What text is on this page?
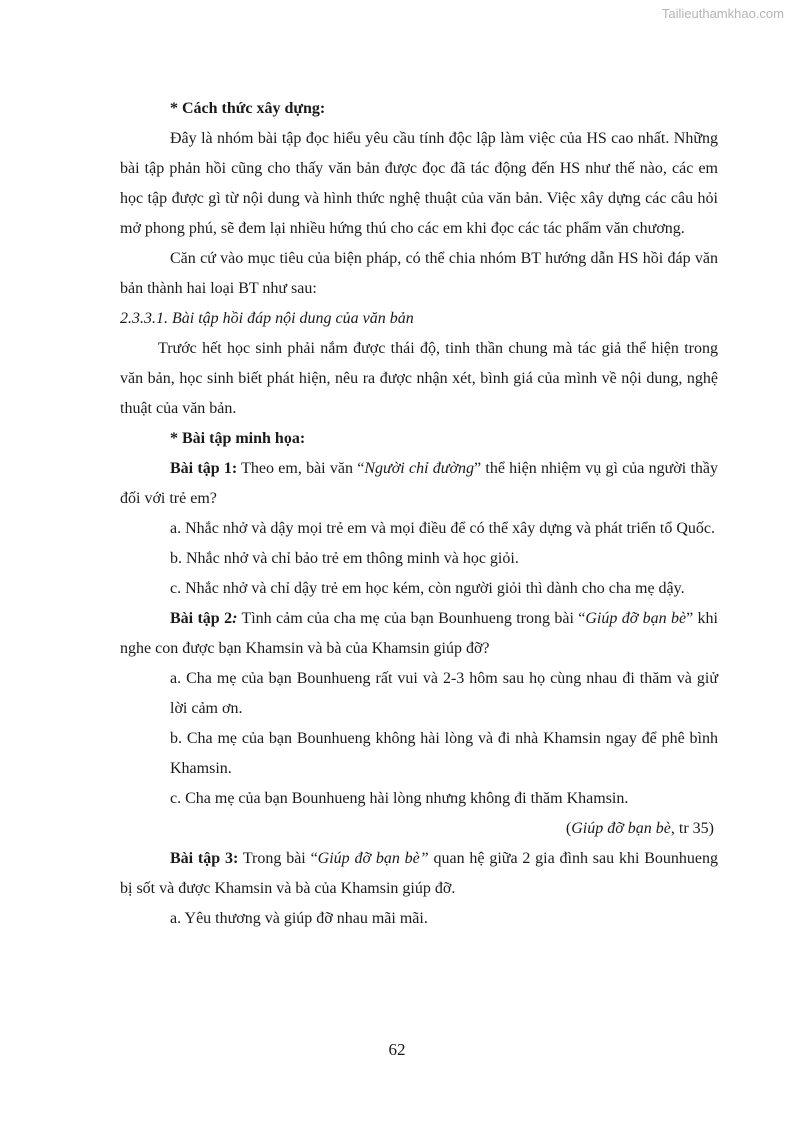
Tailieuthamkhao.com

* Cách thức xây dựng:

Đây là nhóm bài tập đọc hiểu yêu cầu tính độc lập làm việc của HS cao nhất. Những bài tập phản hồi cũng cho thấy văn bản được đọc đã tác động đến HS như thế nào, các em học tập được gì từ nội dung và hình thức nghệ thuật của văn bản. Việc xây dựng các câu hỏi mở phong phú, sẽ đem lại nhiều hứng thú cho các em khi đọc các tác phẩm văn chương.

Căn cứ vào mục tiêu của biện pháp, có thể chia nhóm BT hướng dẫn HS hồi đáp văn bản thành hai loại BT như sau:

2.3.3.1. Bài tập hồi đáp nội dung của văn bản

Trước hết học sinh phải nắm được thái độ, tinh thần chung mà tác giả thể hiện trong văn bản, học sinh biết phát hiện, nêu ra được nhận xét, bình giá của mình về nội dung, nghệ thuật của văn bản.

* Bài tập minh họa:

Bài tập 1: Theo em, bài văn “Người chỉ đường” thể hiện nhiệm vụ gì của người thầy đối với trẻ em?

a. Nhắc nhở và dậy mọi trẻ em và mọi điều để có thể xây dựng và phát triển tổ Quốc.

b. Nhắc nhở và chỉ bảo trẻ em thông minh và học giỏi.

c. Nhắc nhở và chỉ dậy trẻ em học kém, còn người giỏi thì dành cho cha mẹ dậy.

Bài tập 2: Tình cảm của cha mẹ của bạn Bounhueng trong bài “Giúp đỡ bạn bè” khi nghe con được bạn Khamsin và bà của Khamsin giúp đỡ?

a. Cha mẹ của bạn Bounhueng rất vui và 2-3 hôm sau họ cùng nhau đi thăm và giử lời cảm ơn.

b. Cha mẹ của bạn Bounhueng không hài lòng và đi nhà Khamsin ngay để phê bình Khamsin.

c. Cha mẹ của bạn Bounhueng hài lòng nhưng không đi thăm Khamsin.

(Giúp đỡ bạn bè, tr 35)

Bài tập 3: Trong bài “Giúp đỡ bạn bè” quan hệ giữa 2 gia đình sau khi Bounhueng bị sốt và được Khamsin và bà của Khamsin giúp đỡ.

a. Yêu thương và giúp đỡ nhau mãi mãi.

62
